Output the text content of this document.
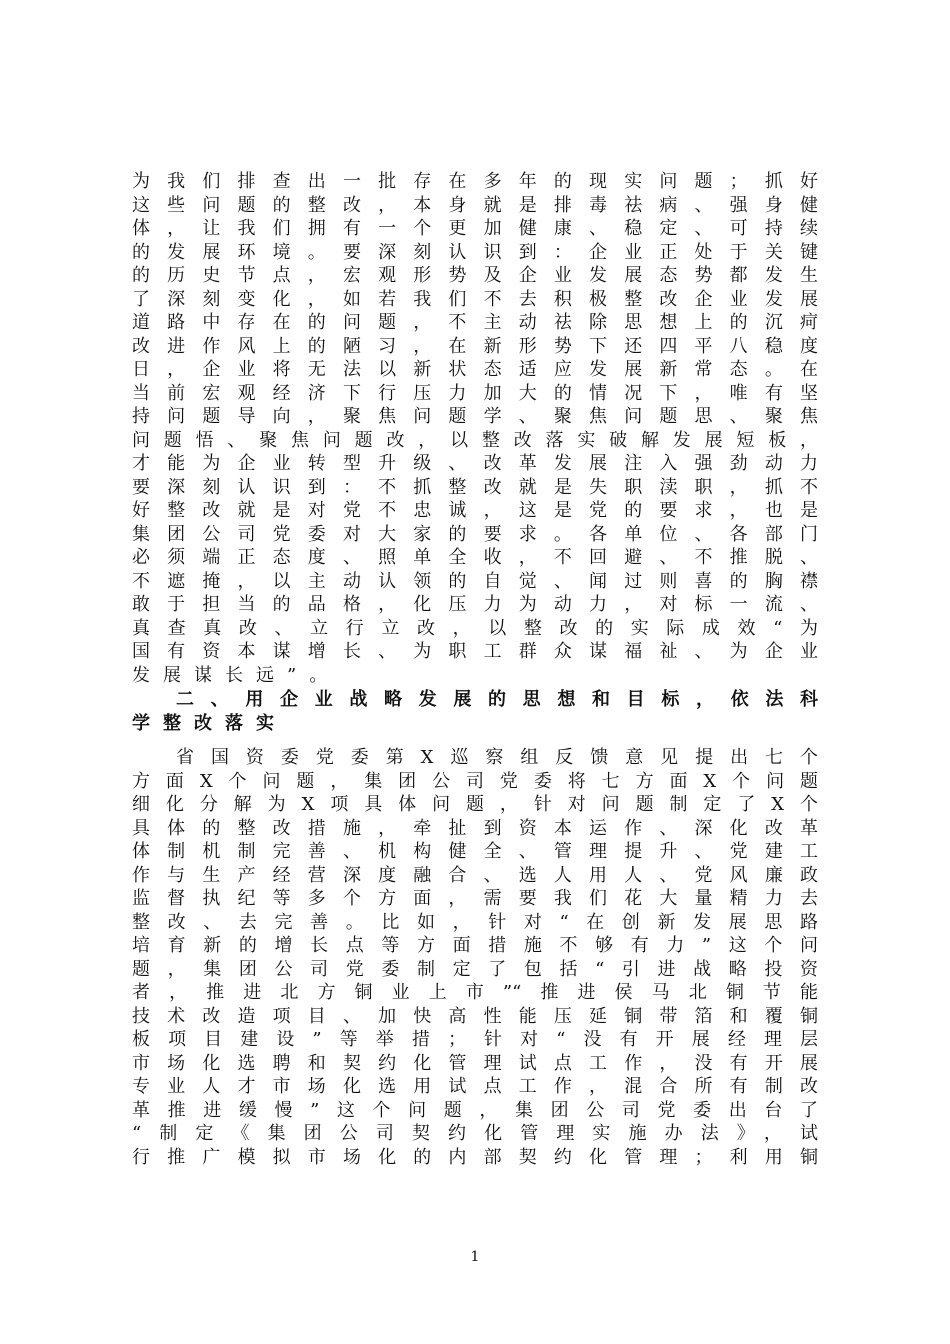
为我们排查出一批存在多年的现实问题；抓好
这些问题的整改，本身就是排毒祛病、强身健
体，让我们拥有一个更加健康、稳定、可持续
的发展环境。要深刻认识到：企业正处于关键
的历史节点，宏观形势及企业发展态势都发生
了深刻变化，如若我们不去积极整改企业发展
道路中存在的问题，不主动祛除思想上的沉疴
改进作风上的陋习，在新形势下还四平八稳度
日，企业将无法以新状态适应发展新常态。在
当前宏观经济下行压力加大的情况下，唯有坚
持问题导向，聚焦问题学、聚焦问题思、聚焦
问题悟、聚焦问题改，以整改落实破解发展短板，
才能为企业转型升级、改革发展注入强劲动力
要深刻认识到：不抓整改就是失职渎职，抓不
好整改就是对党不忠诚，这是党的要求，也是
集团公司党委对大家的要求。各单位、各部门
必须端正态度、照单全收，不回避、不推脱、
不遮掩，以主动认领的自觉、闻过则喜的胸襟
敢于担当的品格，化压力为动力，对标一流、
真查真改、立行立改，以整改的实际成效“为
国有资本谋增长、为职工群众谋福祉、为企业
发展谋长远”。
二、用企业战略发展的思想和目标，依法科
学整改落实
省国资委党委第X巡察组反馈意见提出七个
方面X个问题，集团公司党委将七方面X个问题
细化分解为X项具体问题，针对问题制定了X个
具体的整改措施，牵扯到资本运作、深化改革
体制机制完善、机构健全、管理提升、党建工
作与生产经营深度融合、选人用人、党风廉政
监督执纪等多个方面，需要我们花大量精力去
整改、去完善。比如，针对“在创新发展思路
培育新的增长点等方面措施不够有力”这个问
题，集团公司党委制定了包括“引进战略投资
者，推进北方铜业上市”“推进侯马北铜节能
技术改造项目、加快高性能压延铜带箔和覆铜
板项目建设”等举措；针对“没有开展经理层
市场化选聘和契约化管理试点工作，没有开展
专业人才市场化选用试点工作，混合所有制改
革推进缓慢”这个问题，集团公司党委出台了
“制定《集团公司契约化管理实施办法》，试
行推广模拟市场化的内部契约化管理；利用铜
1
